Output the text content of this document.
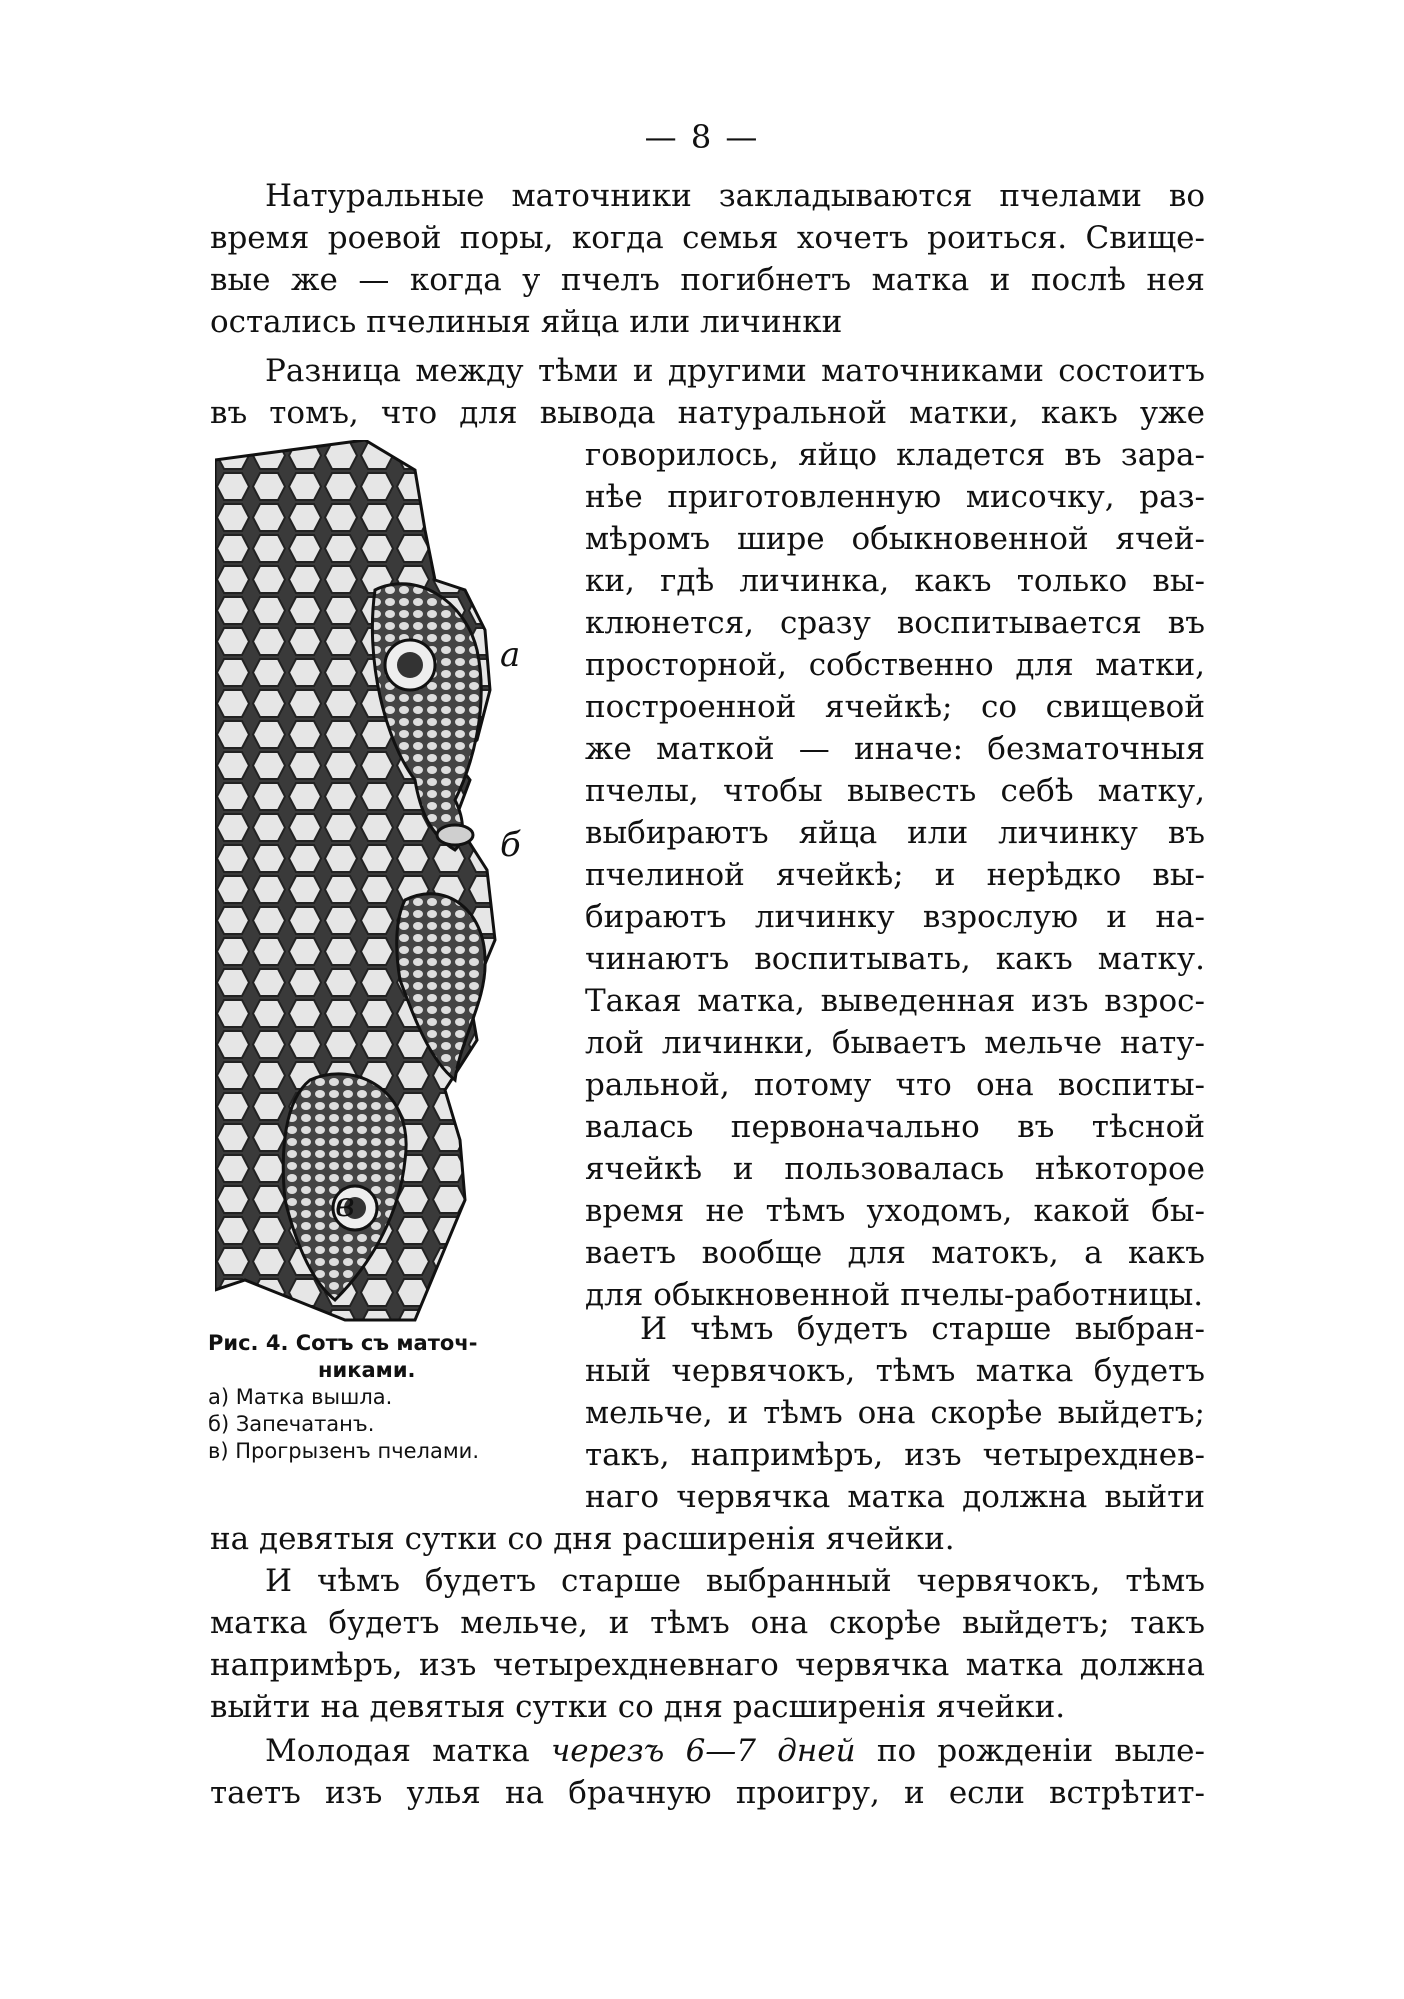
— 8 —

Натуральные маточники закладываются пчелами во
время роевой поры, когда семья хочетъ роиться. Свище-
вые же — когда у пчелъ погибнетъ матка и послѣ нея
остались пчелиныя яйца или личинки

Разница между тѣми и другими маточниками состоитъ
въ томъ, что для вывода натуральной матки, какъ уже

говорилось, яйцо кладется въ зара-
нѣе приготовленную мисочку, раз-
мѣромъ шире обыкновенной ячей-
ки, гдѣ личинка, какъ только вы-
клюнется, сразу воспитывается въ
просторной, собственно для матки,
построенной ячейкѣ; со свищевой
же маткой — иначе: безматочныя
пчелы, чтобы вывесть себѣ матку,
выбираютъ яйца или личинку въ
пчелиной ячейкѣ; и нерѣдко вы-
бираютъ личинку взрослую и на-
чинаютъ воспитывать, какъ матку.
Такая матка, выведенная изъ взрос-
лой личинки, бываетъ мельче нату-
ральной, потому что она воспиты-
валась первоначально въ тѣсной
ячейкѣ и пользовалась нѣкоторое
время не тѣмъ уходомъ, какой бы-
ваетъ вообще для матокъ, а какъ
для обыкновенной пчелы-работницы.
а
б
в
Рис. 4. Сотъ съ маточ-
никами.
а) Матка вышла.
б) Запечатанъ.
в) Прогрызенъ пчелами.
И чѣмъ будетъ старше выбран-
ный червячокъ, тѣмъ матка будетъ
мельче, и тѣмъ она скорѣе выйдетъ;
такъ, напримѣръ, изъ четырехднев-
наго червячка матка должна выйти

на девятыя сутки со дня расширенія ячейки.

И чѣмъ будетъ старше выбранный червячокъ, тѣмъ
матка будетъ мельче, и тѣмъ она скорѣе выйдетъ; такъ
напримѣръ, изъ четырехдневнаго червячка матка должна
выйти на девятыя сутки со дня расширенія ячейки.

Молодая матка черезъ 6—7 дней по рожденіи выле-
таетъ изъ улья на брачную проигру, и если встрѣтит-
